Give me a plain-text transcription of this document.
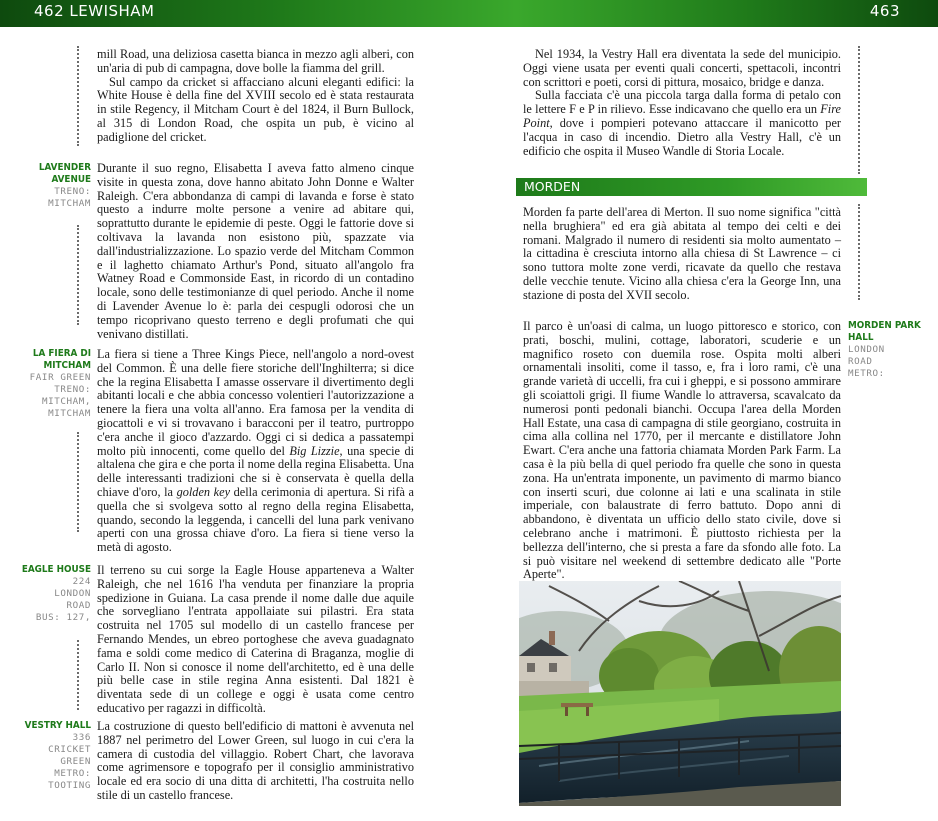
462 LEWISHAM	463
LAVENDER AVENUE
TRENO:
MITCHAM
LA FIERA DI MITCHAM
FAIR GREEN
TRENO:
MITCHAM,
MITCHAM
EAGLE HOUSE
224
LONDON
ROAD
BUS: 127,
VESTRY HALL
336
CRICKET
GREEN
METRO:
TOOTING

mill Road, una deliziosa casetta bianca in mezzo agli alberi, con un'aria di pub di campagna, dove bolle la fiamma del grill.

Sul campo da cricket si affacciano alcuni eleganti edifici: la White House è della fine del XVIII secolo ed è stata restaurata in stile Regency, il Mitcham Court è del 1824, il Burn Bullock, al 315 di London Road, che ospita un pub, è vicino al padiglione del cricket.

Durante il suo regno, Elisabetta I aveva fatto almeno cinque visite in questa zona, dove hanno abitato John Donne e Walter Raleigh. C'era abbondanza di campi di lavanda e forse è stato questo a indurre molte persone a venire ad abitare qui, soprattutto durante le epidemie di peste. Oggi le fattorie dove si coltivava la lavanda non esistono più, spazzate via dall'industrializzazione. Lo spazio verde del Mitcham Common e il laghetto chiamato Arthur's Pond, situato all'angolo fra Watney Road e Commonside East, in ricordo di un contadino locale, sono delle testimonianze di quel periodo. Anche il nome di Lavender Avenue lo è: parla dei cespugli odorosi che un tempo ricoprivano questo terreno e degli profumati che qui venivano distillati.

La fiera si tiene a Three Kings Piece, nell'angolo a nord-ovest del Common. È una delle fiere storiche dell'Inghilterra; si dice che la regina Elisabetta I amasse osservare il divertimento degli abitanti locali e che abbia concesso volentieri l'autorizzazione a tenere la fiera una volta all'anno. Era famosa per la vendita di giocattoli e vi si trovavano i baracconi per il teatro, purtroppo c'era anche il gioco d'azzardo. Oggi ci si dedica a passatempi molto più innocenti, come quello del Big Lizzie, una specie di altalena che gira e che porta il nome della regina Elisabetta. Una delle interessanti tradizioni che si è conservata è quella della chiave d'oro, la golden key della cerimonia di apertura. Si rifà a quella che si svolgeva sotto al regno della regina Elisabetta, quando, secondo la leggenda, i cancelli del luna park venivano aperti con una grossa chiave d'oro. La fiera si tiene verso la metà di agosto.

Il terreno su cui sorge la Eagle House apparteneva a Walter Raleigh, che nel 1616 l'ha venduta per finanziare la propria spedizione in Guiana. La casa prende il nome dalle due aquile che sorvegliano l'entrata appollaiate sui pilastri. Era stata costruita nel 1705 sul modello di un castello francese per Fernando Mendes, un ebreo portoghese che aveva guadagnato fama e soldi come medico di Caterina di Braganza, moglie di Carlo II. Non si conosce il nome dell'architetto, ed è una delle più belle case in stile regina Anna esistenti. Dal 1821 è diventata sede di un college e oggi è usata come centro educativo per ragazzi in difficoltà.

La costruzione di questo bell'edificio di mattoni è avvenuta nel 1887 nel perimetro del Lower Green, sul luogo in cui c'era la camera di custodia del villaggio. Robert Chart, che lavorava come agrimensore e topografo per il consiglio amministrativo locale ed era socio di una ditta di architetti, l'ha costruita nello stile di un castello francese.

Nel 1934, la Vestry Hall era diventata la sede del municipio. Oggi viene usata per eventi quali concerti, spettacoli, incontri con scrittori e poeti, corsi di pittura, mosaico, bridge e danza.

Sulla facciata c'è una piccola targa dalla forma di petalo con le lettere F e P in rilievo. Esse indicavano che quello era un Fire Point, dove i pompieri potevano attaccare il manicotto per l'acqua in caso di incendio. Dietro alla Vestry Hall, c'è un edificio che ospita il Museo Wandle di Storia Locale.

MORDEN

Morden fa parte dell'area di Merton. Il suo nome significa "città nella brughiera" ed era già abitata al tempo dei celti e dei romani. Malgrado il numero di residenti sia molto aumentato – la cittadina è cresciuta intorno alla chiesa di St Lawrence – ci sono tuttora molte zone verdi, ricavate da quello che restava delle vecchie tenute. Vicino alla chiesa c'era la George Inn, una stazione di posta del XVII secolo.

MORDEN PARK HALL
LONDON
ROAD
METRO:

Il parco è un'oasi di calma, un luogo pittoresco e storico, con prati, boschi, mulini, cottage, laboratori, scuderie e un magnifico roseto con duemila rose. Ospita molti alberi ornamentali insoliti, come il tasso, e, fra i loro rami, c'è una grande varietà di uccelli, fra cui i gheppi, e si possono ammirare gli scoiattoli grigi. Il fiume Wandle lo attraversa, scavalcato da numerosi ponti pedonali bianchi. Occupa l'area della Morden Hall Estate, una casa di campagna di stile georgiano, costruita in cima alla collina nel 1770, per il mercante e distillatore John Ewart. C'era anche una fattoria chiamata Morden Park Farm. La casa è la più bella di quel periodo fra quelle che sono in questa zona. Ha un'entrata imponente, un pavimento di marmo bianco con inserti scuri, due colonne ai lati e una scalinata in stile imperiale, con balaustrate di ferro battuto. Dopo anni di abbandono, è diventata un ufficio dello stato civile, dove si celebrano anche i matrimoni. È piuttosto richiesta per la bellezza dell'interno, che si presta a fare da sfondo alle foto. La si può visitare nel weekend di settembre dedicato alle "Porte Aperte".
